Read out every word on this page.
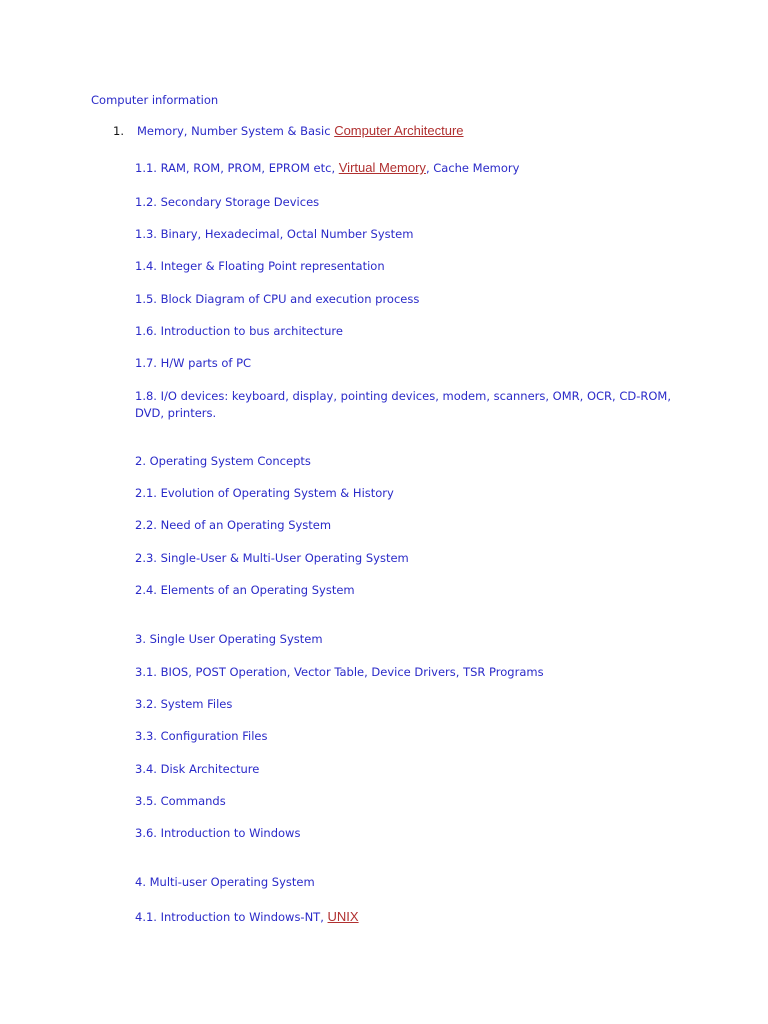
Computer information
1. Memory, Number System & Basic Computer Architecture
1.1. RAM, ROM, PROM, EPROM etc, Virtual Memory, Cache Memory
1.2. Secondary Storage Devices
1.3. Binary, Hexadecimal, Octal Number System
1.4. Integer & Floating Point representation
1.5. Block Diagram of CPU and execution process
1.6. Introduction to bus architecture
1.7. H/W parts of PC
1.8. I/O devices: keyboard, display, pointing devices, modem, scanners, OMR, OCR, CD-ROM, DVD, printers.
2. Operating System Concepts
2.1. Evolution of Operating System & History
2.2. Need of an Operating System
2.3. Single-User & Multi-User Operating System
2.4. Elements of an Operating System
3. Single User Operating System
3.1. BIOS, POST Operation, Vector Table, Device Drivers, TSR Programs
3.2. System Files
3.3. Configuration Files
3.4. Disk Architecture
3.5. Commands
3.6. Introduction to Windows
4. Multi-user Operating System
4.1. Introduction to Windows-NT, UNIX
